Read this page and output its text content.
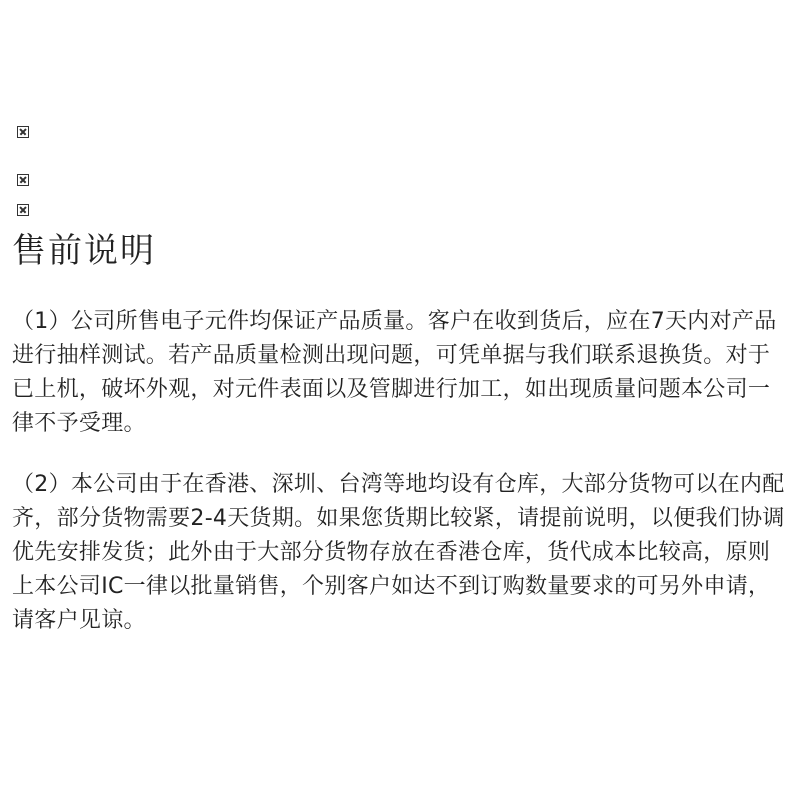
售前说明

（1）公司所售电子元件均保证产品质量。客户在收到货后，应在7天内对产品进行抽样测试。若产品质量检测出现问题，可凭单据与我们联系退换货。对于已上机，破坏外观，对元件表面以及管脚进行加工，如出现质量问题本公司一律不予受理。

（2）本公司由于在香港、深圳、台湾等地均设有仓库，大部分货物可以在内配齐，部分货物需要2-4天货期。如果您货期比较紧，请提前说明，以便我们协调优先安排发货；此外由于大部分货物存放在香港仓库，货代成本比较高，原则上本公司IC一律以批量销售，个别客户如达不到订购数量要求的可另外申请，请客户见谅。
